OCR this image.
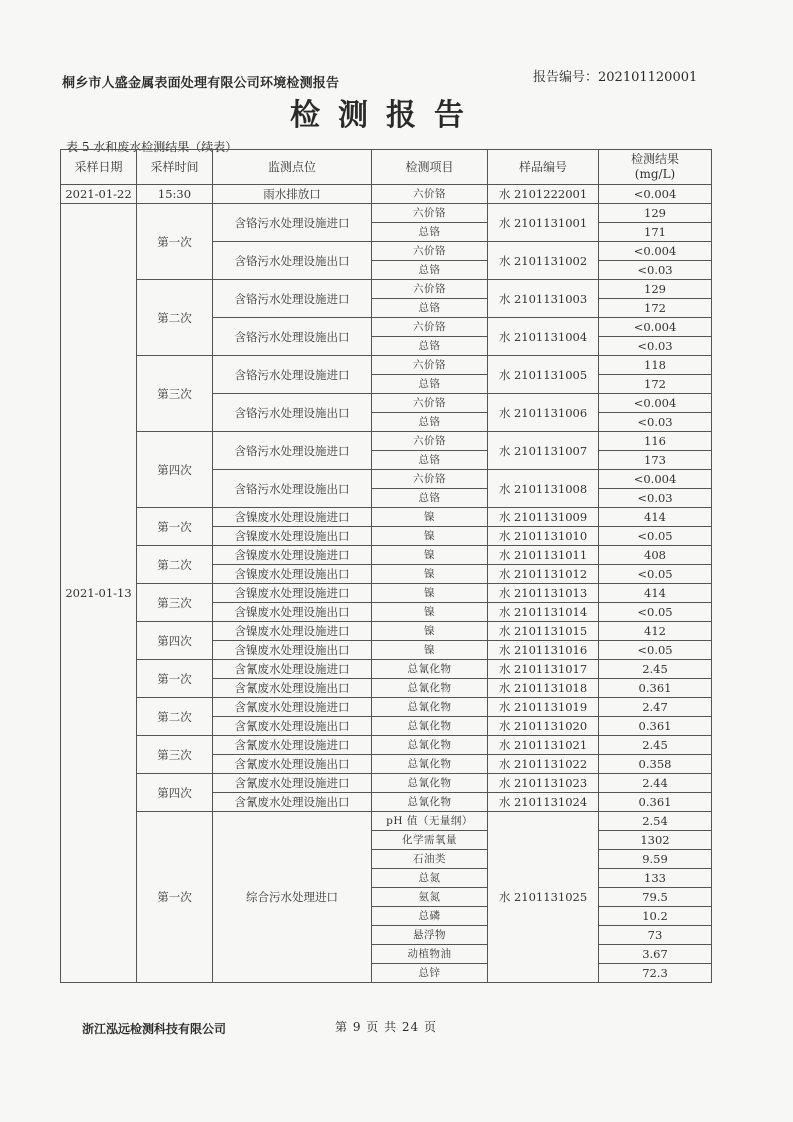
桐乡市人盛金属表面处理有限公司环境检测报告	报告编号：202101120001
检测报告
表 5 水和废水检测结果（续表）
采样日期	采样时间	监测点位	检测项目	样品编号	检测结果
(mg/L)

2021-01-22	15:30	雨水排放口	六价铬	水 2101222001	<0.004
2021-01-13	第一次	含铬污水处理设施进口	六价铬	水 2101131001	129
			总铬		171
		含铬污水处理设施出口	六价铬	水 2101131002	<0.004
			总铬		<0.03
	第二次	含铬污水处理设施进口	六价铬	水 2101131003	129
			总铬		172
		含铬污水处理设施出口	六价铬	水 2101131004	<0.004
			总铬		<0.03
	第三次	含铬污水处理设施进口	六价铬	水 2101131005	118
			总铬		172
		含铬污水处理设施出口	六价铬	水 2101131006	<0.004
			总铬		<0.03
	第四次	含铬污水处理设施进口	六价铬	水 2101131007	116
			总铬		173
		含铬污水处理设施出口	六价铬	水 2101131008	<0.004
			总铬		<0.03
	第一次	含镍废水处理设施进口	镍	水 2101131009	414
		含镍废水处理设施出口	镍	水 2101131010	<0.05
	第二次	含镍废水处理设施进口	镍	水 2101131011	408
		含镍废水处理设施出口	镍	水 2101131012	<0.05
	第三次	含镍废水处理设施进口	镍	水 2101131013	414
		含镍废水处理设施出口	镍	水 2101131014	<0.05
	第四次	含镍废水处理设施进口	镍	水 2101131015	412
		含镍废水处理设施出口	镍	水 2101131016	<0.05
	第一次	含氰废水处理设施进口	总氰化物	水 2101131017	2.45
		含氰废水处理设施出口	总氰化物	水 2101131018	0.361
	第二次	含氰废水处理设施进口	总氰化物	水 2101131019	2.47
		含氰废水处理设施出口	总氰化物	水 2101131020	0.361
	第三次	含氰废水处理设施进口	总氰化物	水 2101131021	2.45
		含氰废水处理设施出口	总氰化物	水 2101131022	0.358
	第四次	含氰废水处理设施进口	总氰化物	水 2101131023	2.44
		含氰废水处理设施出口	总氰化物	水 2101131024	0.361
	第一次	综合污水处理进口	pH 值（无量纲）	水 2101131025	2.54
			化学需氧量		1302
			石油类		9.59
			总氮		133
			氨氮		79.5
			总磷		10.2
			悬浮物		73
			动植物油		3.67
			总锌		72.3
浙江泓远检测科技有限公司	第 9 页 共 24 页
